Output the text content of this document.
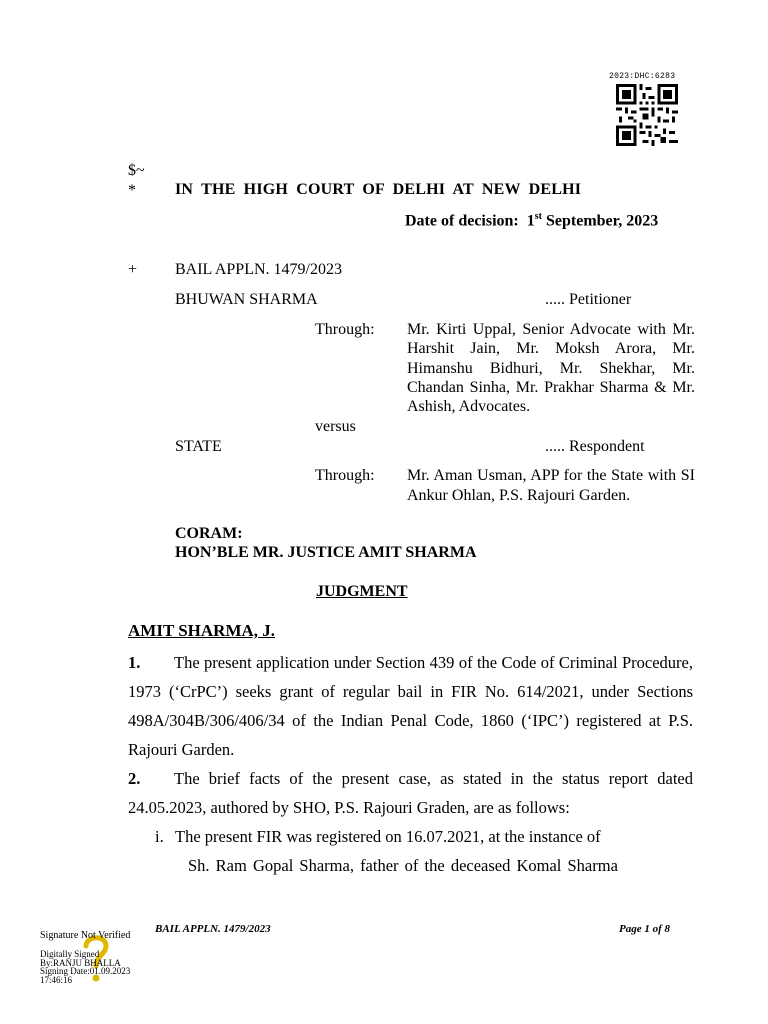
2023:DHC:6283
$~
* IN THE HIGH COURT OF DELHI AT NEW DELHI
Date of decision: 1st September, 2023
+ BAIL APPLN. 1479/2023
BHUWAN SHARMA	..... Petitioner
Through: Mr. Kirti Uppal, Senior Advocate with Mr. Harshit Jain, Mr. Moksh Arora, Mr. Himanshu Bidhuri, Mr. Shekhar, Mr. Chandan Sinha, Mr. Prakhar Sharma & Mr. Ashish, Advocates.
versus
STATE	..... Respondent
Through: Mr. Aman Usman, APP for the State with SI Ankur Ohlan, P.S. Rajouri Garden.
CORAM:
HON’BLE MR. JUSTICE AMIT SHARMA
JUDGMENT
AMIT SHARMA, J.
1. The present application under Section 439 of the Code of Criminal Procedure, 1973 (‘CrPC’) seeks grant of regular bail in FIR No. 614/2021, under Sections 498A/304B/306/406/34 of the Indian Penal Code, 1860 (‘IPC’) registered at P.S. Rajouri Garden.
2. The brief facts of the present case, as stated in the status report dated 24.05.2023, authored by SHO, P.S. Rajouri Graden, are as follows:
i. The present FIR was registered on 16.07.2021, at the instance of
Sh. Ram Gopal Sharma, father of the deceased Komal Sharma
BAIL APPLN. 1479/2023	Page 1 of 8
Signature Not Verified
Digitally Signed
By:RANJU BHALLA
Signing Date:01.09.2023
17:46:16
